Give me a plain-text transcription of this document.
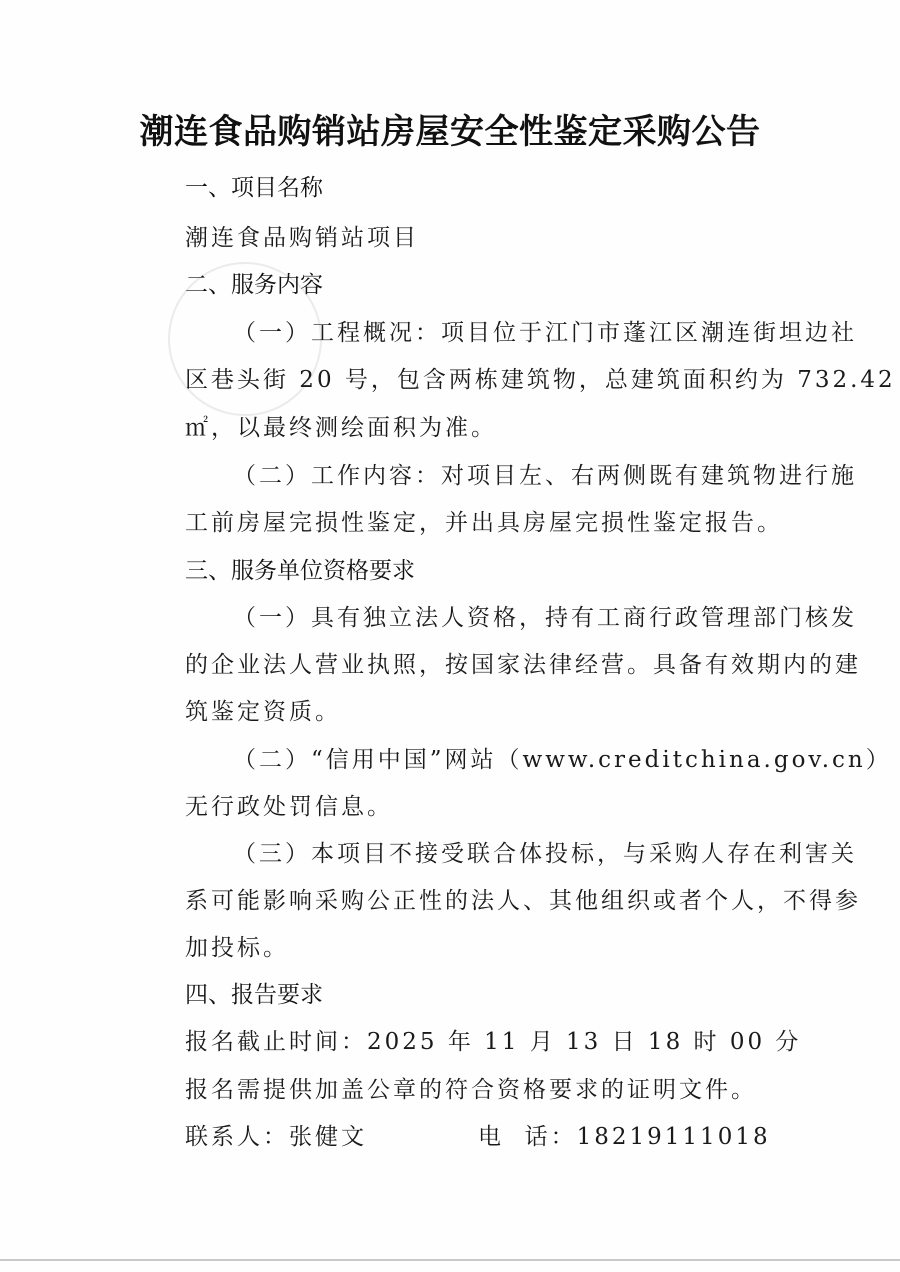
潮连食品购销站房屋安全性鉴定采购公告
一、项目名称
潮连食品购销站项目
二、服务内容
（一）工程概况：项目位于江门市蓬江区潮连街坦边社
区巷头街 20 号，包含两栋建筑物，总建筑面积约为 732.42
㎡，以最终测绘面积为准。
（二）工作内容：对项目左、右两侧既有建筑物进行施
工前房屋完损性鉴定，并出具房屋完损性鉴定报告。
三、服务单位资格要求
（一）具有独立法人资格，持有工商行政管理部门核发
的企业法人营业执照，按国家法律经营。具备有效期内的建
筑鉴定资质。
（二）“信用中国”网站（www.creditchina.gov.cn）
无行政处罚信息。
（三）本项目不接受联合体投标，与采购人存在利害关
系可能影响采购公正性的法人、其他组织或者个人，不得参
加投标。
四、报告要求
报名截止时间：2025 年 11 月 13 日 18 时 00 分
报名需提供加盖公章的符合资格要求的证明文件。
联系人：张健文	电  话：18219111018
